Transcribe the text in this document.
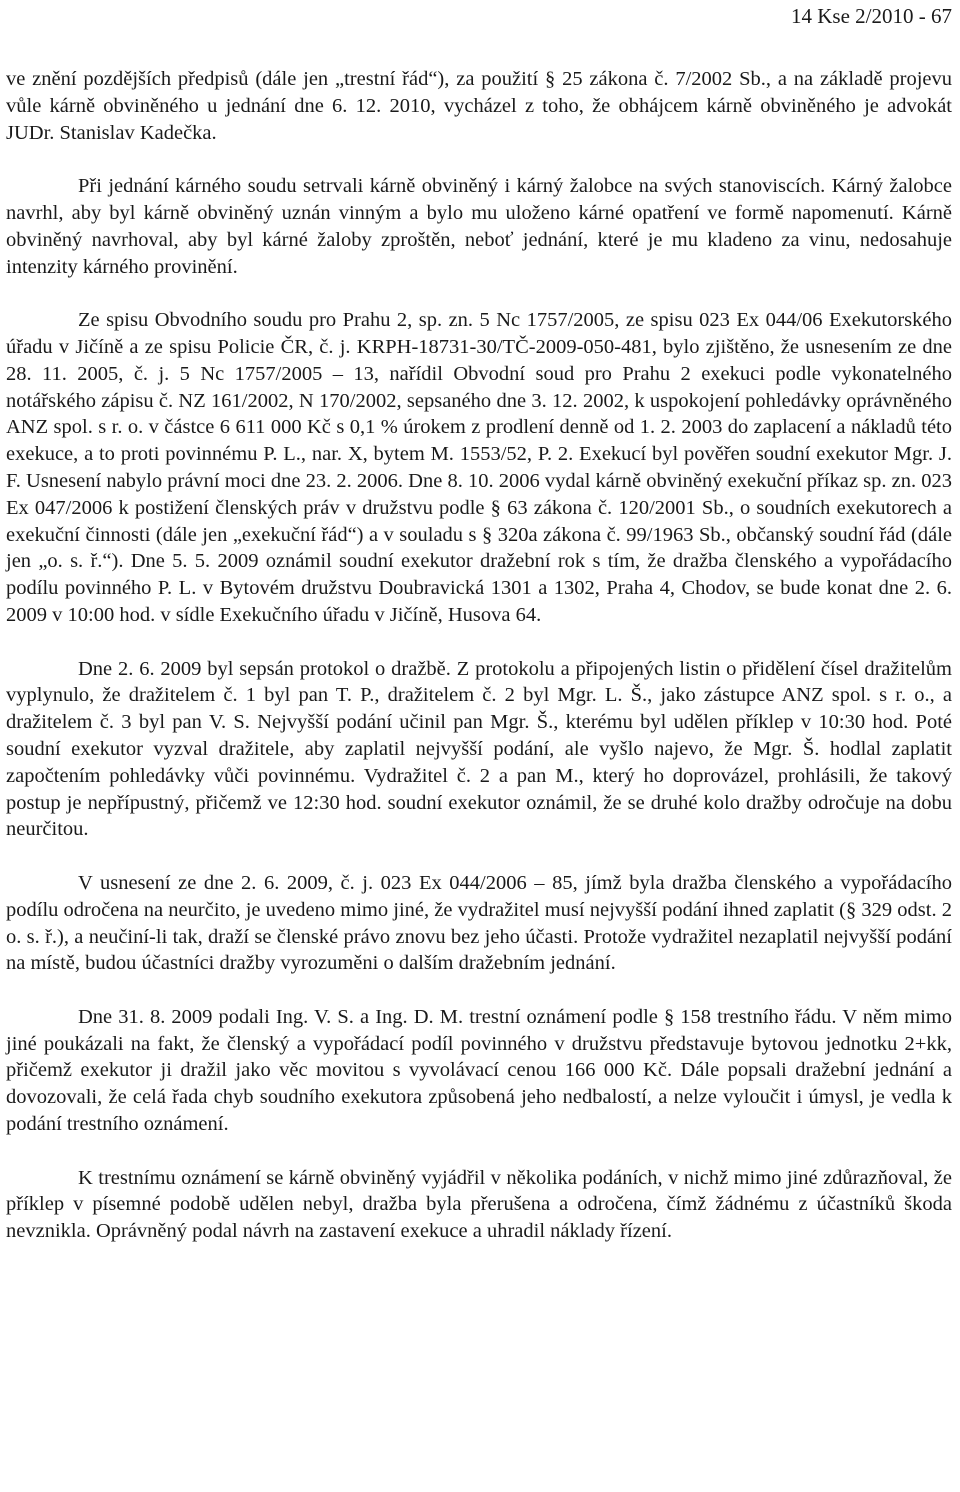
14 Kse 2/2010 - 67

ve znění pozdějších předpisů (dále jen „trestní řád“), za použití § 25 zákona č. 7/2002 Sb., a na základě projevu vůle kárně obviněného u jednání dne 6. 12. 2010, vycházel z toho, že obhájcem kárně obviněného je advokát JUDr. Stanislav Kadečka.

Při jednání kárného soudu setrvali kárně obviněný i kárný žalobce na svých stanoviscích. Kárný žalobce navrhl, aby byl kárně obviněný uznán vinným a bylo mu uloženo kárné opatření ve formě napomenutí. Kárně obviněný navrhoval, aby byl kárné žaloby zproštěn, neboť jednání, které je mu kladeno za vinu, nedosahuje intenzity kárného provinění.

Ze spisu Obvodního soudu pro Prahu 2, sp. zn. 5 Nc 1757/2005, ze spisu 023 Ex 044/06 Exekutorského úřadu v Jičíně a ze spisu Policie ČR, č. j. KRPH-18731-30/TČ-2009-050-481, bylo zjištěno, že usnesením ze dne 28. 11. 2005, č. j. 5 Nc 1757/2005 – 13, nařídil Obvodní soud pro Prahu 2 exekuci podle vykonatelného notářského zápisu č. NZ 161/2002, N 170/2002, sepsaného dne 3. 12. 2002, k uspokojení pohledávky oprávněného ANZ spol. s r. o. v částce 6 611 000 Kč s 0,1 % úrokem z prodlení denně od 1. 2. 2003 do zaplacení a nákladů této exekuce, a to proti povinnému P. L., nar. X, bytem M. 1553/52, P. 2. Exekucí byl pověřen soudní exekutor Mgr. J. F. Usnesení nabylo právní moci dne 23. 2. 2006. Dne 8. 10. 2006 vydal kárně obviněný exekuční příkaz sp. zn. 023 Ex 047/2006 k postižení členských práv v družstvu podle § 63 zákona č. 120/2001 Sb., o soudních exekutorech a exekuční činnosti (dále jen „exekuční řád“) a v souladu s § 320a zákona č. 99/1963 Sb., občanský soudní řád (dále jen „o. s. ř.“). Dne 5. 5. 2009 oznámil soudní exekutor dražební rok s tím, že dražba členského a vypořádacího podílu povinného P. L. v Bytovém družstvu Doubravická 1301 a 1302, Praha 4, Chodov, se bude konat dne 2. 6. 2009 v 10:00 hod. v sídle Exekučního úřadu v Jičíně, Husova 64.

Dne 2. 6. 2009 byl sepsán protokol o dražbě. Z protokolu a připojených listin o přidělení čísel dražitelům vyplynulo, že dražitelem č. 1 byl pan T. P., dražitelem č. 2 byl Mgr. L. Š., jako zástupce ANZ spol. s r. o., a dražitelem č. 3 byl pan V. S. Nejvyšší podání učinil pan Mgr. Š., kterému byl udělen příklep v 10:30 hod. Poté soudní exekutor vyzval dražitele, aby zaplatil nejvyšší podání, ale vyšlo najevo, že Mgr. Š. hodlal zaplatit započtením pohledávky vůči povinnému. Vydražitel č. 2 a pan M., který ho doprovázel, prohlásili, že takový postup je nepřípustný, přičemž ve 12:30 hod. soudní exekutor oznámil, že se druhé kolo dražby odročuje na dobu neurčitou.

V usnesení ze dne 2. 6. 2009, č. j. 023 Ex 044/2006 – 85, jímž byla dražba členského a vypořádacího podílu odročena na neurčito, je uvedeno mimo jiné, že vydražitel musí nejvyšší podání ihned zaplatit (§ 329 odst. 2 o. s. ř.), a neučiní-li tak, draží se členské právo znovu bez jeho účasti. Protože vydražitel nezaplatil nejvyšší podání na místě, budou účastníci dražby vyrozuměni o dalším dražebním jednání.

Dne 31. 8. 2009 podali Ing. V. S. a Ing. D. M. trestní oznámení podle § 158 trestního řádu. V něm mimo jiné poukázali na fakt, že členský a vypořádací podíl povinného v družstvu představuje bytovou jednotku 2+kk, přičemž exekutor ji dražil jako věc movitou s vyvolávací cenou 166 000 Kč. Dále popsali dražební jednání a dovozovali, že celá řada chyb soudního exekutora způsobená jeho nedbalostí, a nelze vyloučit i úmysl, je vedla k podání trestního oznámení.

K trestnímu oznámení se kárně obviněný vyjádřil v několika podáních, v nichž mimo jiné zdůrazňoval, že příklep v písemné podobě udělen nebyl, dražba byla přerušena a odročena, čímž žádnému z účastníků škoda nevznikla. Oprávněný podal návrh na zastavení exekuce a uhradil náklady řízení.
